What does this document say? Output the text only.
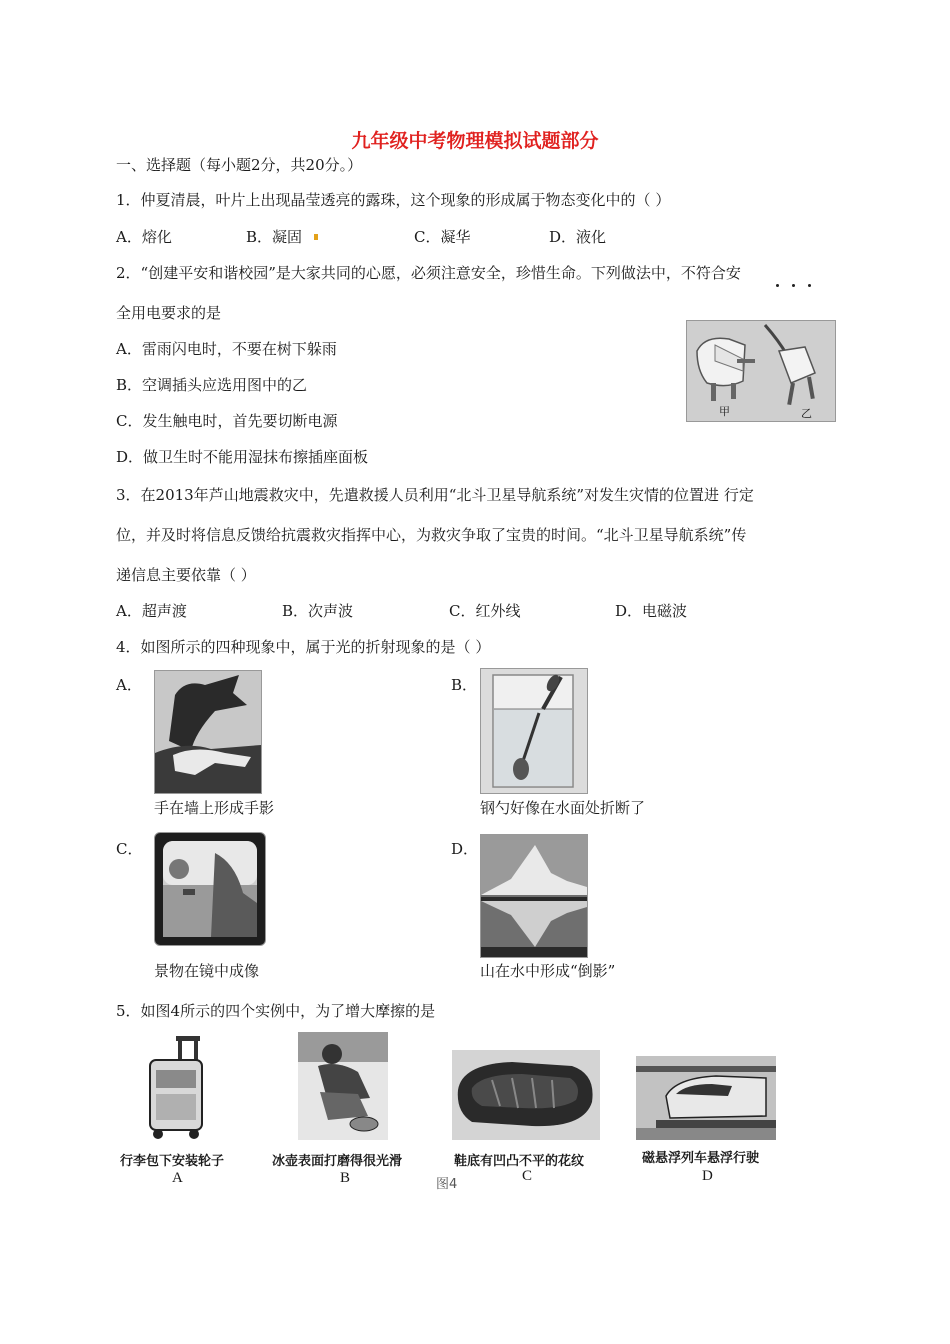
九年级中考物理模拟试题部分
一、选择题（每小题2分，共20分。）
1．仲夏清晨，叶片上出现晶莹透亮的露珠，这个现象的形成属于物态变化中的（ ）
A．熔化	B．凝固	C．凝华	D．液化
2．“创建平安和谐校园”是大家共同的心愿，必须注意安全，珍惜生命。下列做法中，不符合安
全用电要求的是
A．雷雨闪电时，不要在树下躲雨
B．空调插头应选用图中的乙
C．发生触电时，首先要切断电源
D．做卫生时不能用湿抹布擦插座面板
甲	乙
3．在2013年芦山地震救灾中，先遣救援人员利用“北斗卫星导航系统”对发生灾情的位置进 行定
位，并及时将信息反馈给抗震救灾指挥中心，为救灾争取了宝贵的时间。“北斗卫星导航系统”传
递信息主要依靠（ ）
A．超声渡	B．次声波	C．红外线	D．电磁波
4．如图所示的四种现象中，属于光的折射现象的是（ ）
A．
手在墙上形成手影
B．
钢勺好像在水面处折断了
C．
景物在镜中成像
D．
山在水中形成“倒影”
5．如图4所示的四个实例中，为了增大摩擦的是
行李包下安装轮子
A
冰壶表面打磨得很光滑
B
鞋底有凹凸不平的花纹
C
图4
磁悬浮列车悬浮行驶
D
